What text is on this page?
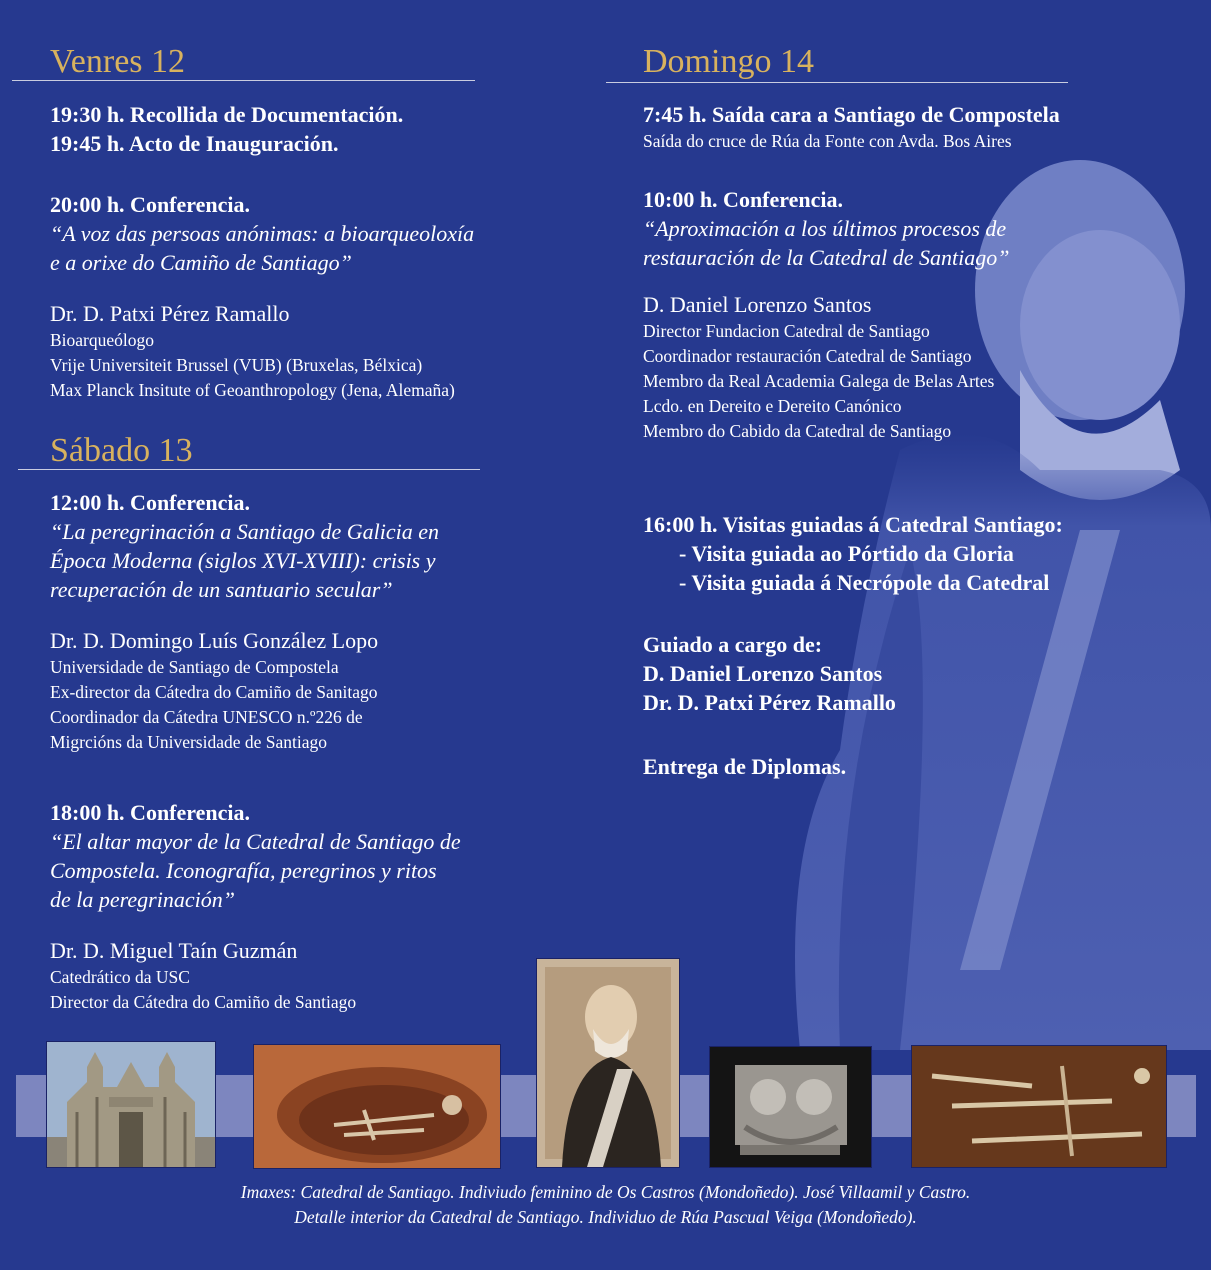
Venres 12
19:30 h. Recollida de Documentación.
19:45 h. Acto de Inauguración.
20:00 h. Conferencia.
“A voz das persoas anónimas: a bioarqueoloxía
e a orixe do Camiño de Santiago”
Dr. D. Patxi Pérez Ramallo
Bioarqueólogo
Vrije Universiteit Brussel (VUB) (Bruxelas, Bélxica)
Max Planck Insitute of Geoanthropology (Jena, Alemaña)
Sábado 13
12:00 h. Conferencia.
“La peregrinación a Santiago de Galicia en
Época Moderna (siglos XVI-XVIII): crisis y
recuperación de un santuario secular”
Dr. D. Domingo Luís González Lopo
Universidade de Santiago de Compostela
Ex-director da Cátedra do Camiño de Sanitago
Coordinador da Cátedra UNESCO n.º226 de
Migrcións da Universidade de Santiago
18:00 h. Conferencia.
“El altar mayor de la Catedral de Santiago de
Compostela. Iconografía, peregrinos y ritos
de la peregrinación”
Dr. D. Miguel Taín Guzmán
Catedrático da USC
Director da Cátedra do Camiño de Santiago
Domingo 14
7:45 h. Saída cara a Santiago de Compostela
Saída do cruce de Rúa da Fonte con Avda. Bos Aires
10:00 h. Conferencia.
“Aproximación a los últimos procesos de
restauración de la Catedral de Santiago”
D. Daniel Lorenzo Santos
Director Fundacion Catedral de Santiago
Coordinador restauración Catedral de Santiago
Membro da Real Academia Galega de Belas Artes
Lcdo. en Dereito e Dereito Canónico
Membro do Cabido da Catedral de Santiago
16:00 h. Visitas guiadas á Catedral Santiago:
- Visita guiada ao Pórtido da Gloria
- Visita guiada á Necrópole da Catedral
Guiado a cargo de:
D. Daniel Lorenzo Santos
Dr. D. Patxi Pérez Ramallo
Entrega de Diplomas.
Imaxes: Catedral de Santiago. Indiviudo feminino de Os Castros (Mondoñedo). José Villaamil y Castro.
Detalle interior da Catedral de Santiago. Individuo de Rúa Pascual Veiga (Mondoñedo).
